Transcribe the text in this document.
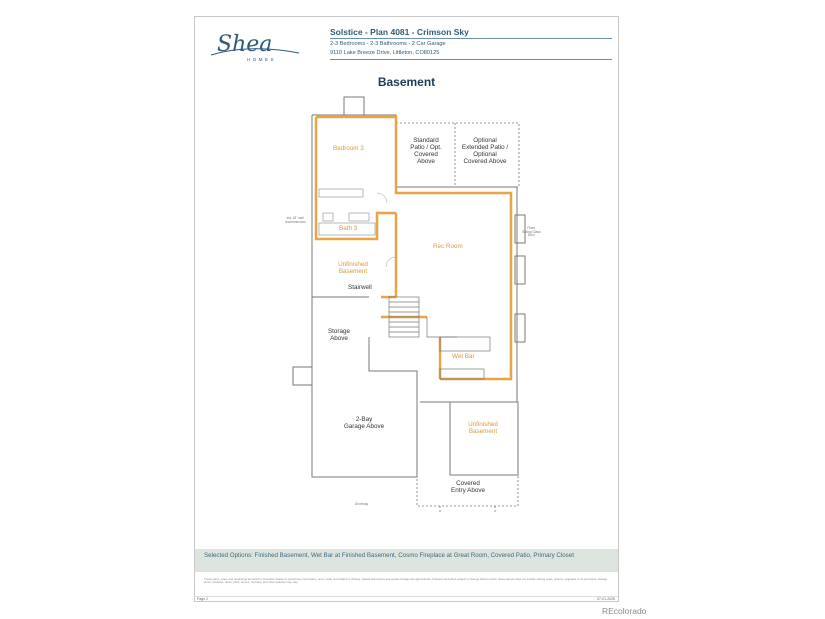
Shea
HOMES
Solstice - Plan 4081 - Crimson Sky
2-3 Bedrooms - 2-3 Bathrooms - 2 Car Garage
9110 Lake Breeze Drive, Littleton, CO80125
Basement
Bedroom 3
Standard
Patio / Opt.
Covered
Above
Optional
Extended Patio /
Optional
Covered Above
Rec Room
Bath 3
Unfinished
Basement
Stairwell
Storage
Above
Wet Bar
2-Bay
Garage Above	Unfinished
Basement
Covered
Entry Above
Driveway
est. 18" wall
recommended
Fixed
Sliding Glass
Door
Selected Options: Finished Basement, Wet Bar at Finished Basement, Cosmo Fireplace at Great Room, Covered Patio, Primary Closet
These plans, maps and renderings are artist's conception based on preliminary information, not to scale and subject to change. Stated dimensions and square footage are approximate. Features and plans subject to change without notice. Shea Homes does not include closing costs, options, upgrades or lot premiums. Garage doors, windows, doors, paint, stones, roof tiles, and other features may vary.
Page 2	07-01-2025
REcolorado
